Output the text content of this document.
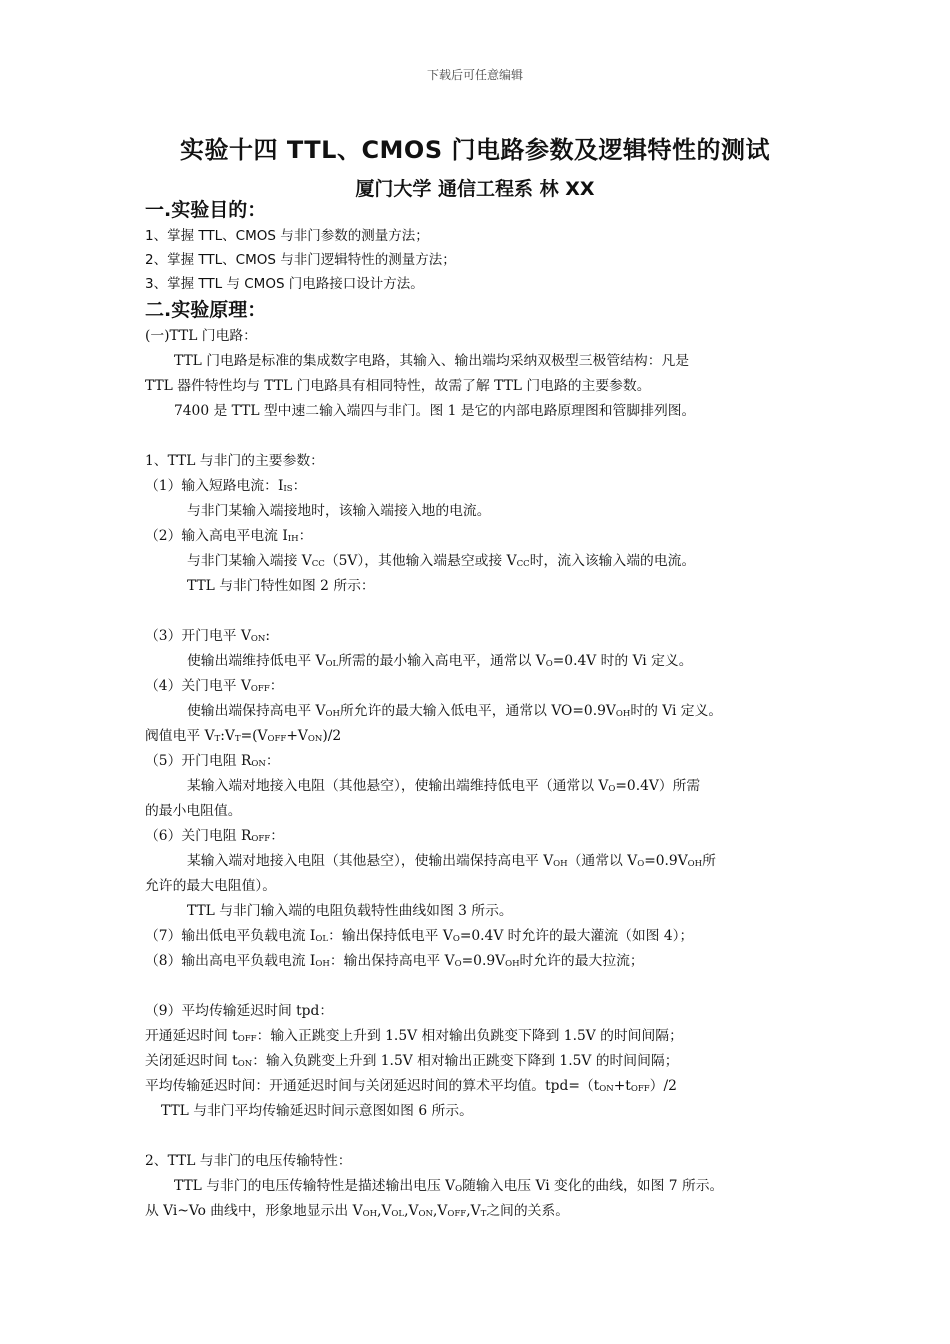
下载后可任意编辑
实验十四 TTL、CMOS 门电路参数及逻辑特性的测试
厦门大学 通信工程系 林 XX

一.实验目的：

1、掌握 TTL、CMOS 与非门参数的测量方法；

2、掌握 TTL、CMOS 与非门逻辑特性的测量方法；

3、掌握 TTL 与 CMOS 门电路接口设计方法。

二.实验原理：

(一)TTL 门电路：

TTL 门电路是标准的集成数字电路，其输入、输出端均采纳双极型三极管结构：凡是

TTL 器件特性均与 TTL 门电路具有相同特性，故需了解 TTL 门电路的主要参数。

7400 是 TTL 型中速二输入端四与非门。图 1 是它的内部电路原理图和管脚排列图。

1、TTL 与非门的主要参数：

（1）输入短路电流：$I_{IS}$：

与非门某输入端接地时，该输入端接入地的电流。

（2）输入高电平电流 $I_{IH}$：

与非门某输入端接 $V_{CC}(5V)$，其他输入端悬空或接 $V_{CC}$时，流入该输入端的电流。

TTL 与非门特性如图 2 所示：

（3）开门电平 $V_{ON}$:

使输出端维持低电平 $V_{OL}$所需的最小输入高电平，通常以 $V_O=0.4V$ 时的 Vi 定义。

（4）关门电平 $V_{OFF}$：

使输出端保持高电平 $V_{OH}$所允许的最大输入低电平，通常以 $VO=0.9V_{OH}$时的 Vi 定义。

阀值电平 $V_T:V_T=(V_{OFF}+V_{ON})/2$

（5）开门电阻 $R_{ON}$：

某输入端对地接入电阻（其他悬空），使输出端维持低电平（通常以 $V_O=0.4V$）所需

的最小电阻值。

（6）关门电阻 $R_{OFF}$：

某输入端对地接入电阻（其他悬空），使输出端保持高电平 $V_{OH}$（通常以 $V_O=0.9V_{OH}$所

允许的最大电阻值）。

TTL 与非门输入端的电阻负载特性曲线如图 3 所示。

（7）输出低电平负载电流 $I_{OL}$：输出保持低电平 $V_O=0.4V$ 时允许的最大灌流（如图 4）；

（8）输出高电平负载电流 $I_{OH}$：输出保持高电平 $V_O=0.9V_{OH}$时允许的最大拉流；

（9）平均传输延迟时间 tpd：

开通延迟时间 $t_{OFF}$：输入正跳变上升到 1.5V 相对输出负跳变下降到 1.5V 的时间间隔；

关闭延迟时间 $t_{ON}$：输入负跳变上升到 1.5V 相对输出正跳变下降到 1.5V 的时间间隔；

平均传输延迟时间：开通延迟时间与关闭延迟时间的算术平均值。$tpd=(t_{ON}+t_{OFF})/2$

TTL 与非门平均传输延迟时间示意图如图 6 所示。

2、TTL 与非门的电压传输特性：

TTL 与非门的电压传输特性是描述输出电压 $V_O$随输入电压 Vi 变化的曲线，如图 7 所示。

从 Vi~Vo 曲线中，形象地显示出 $V_{OH},V_{OL},V_{ON},V_{OFF},V_T$之间的关系。
